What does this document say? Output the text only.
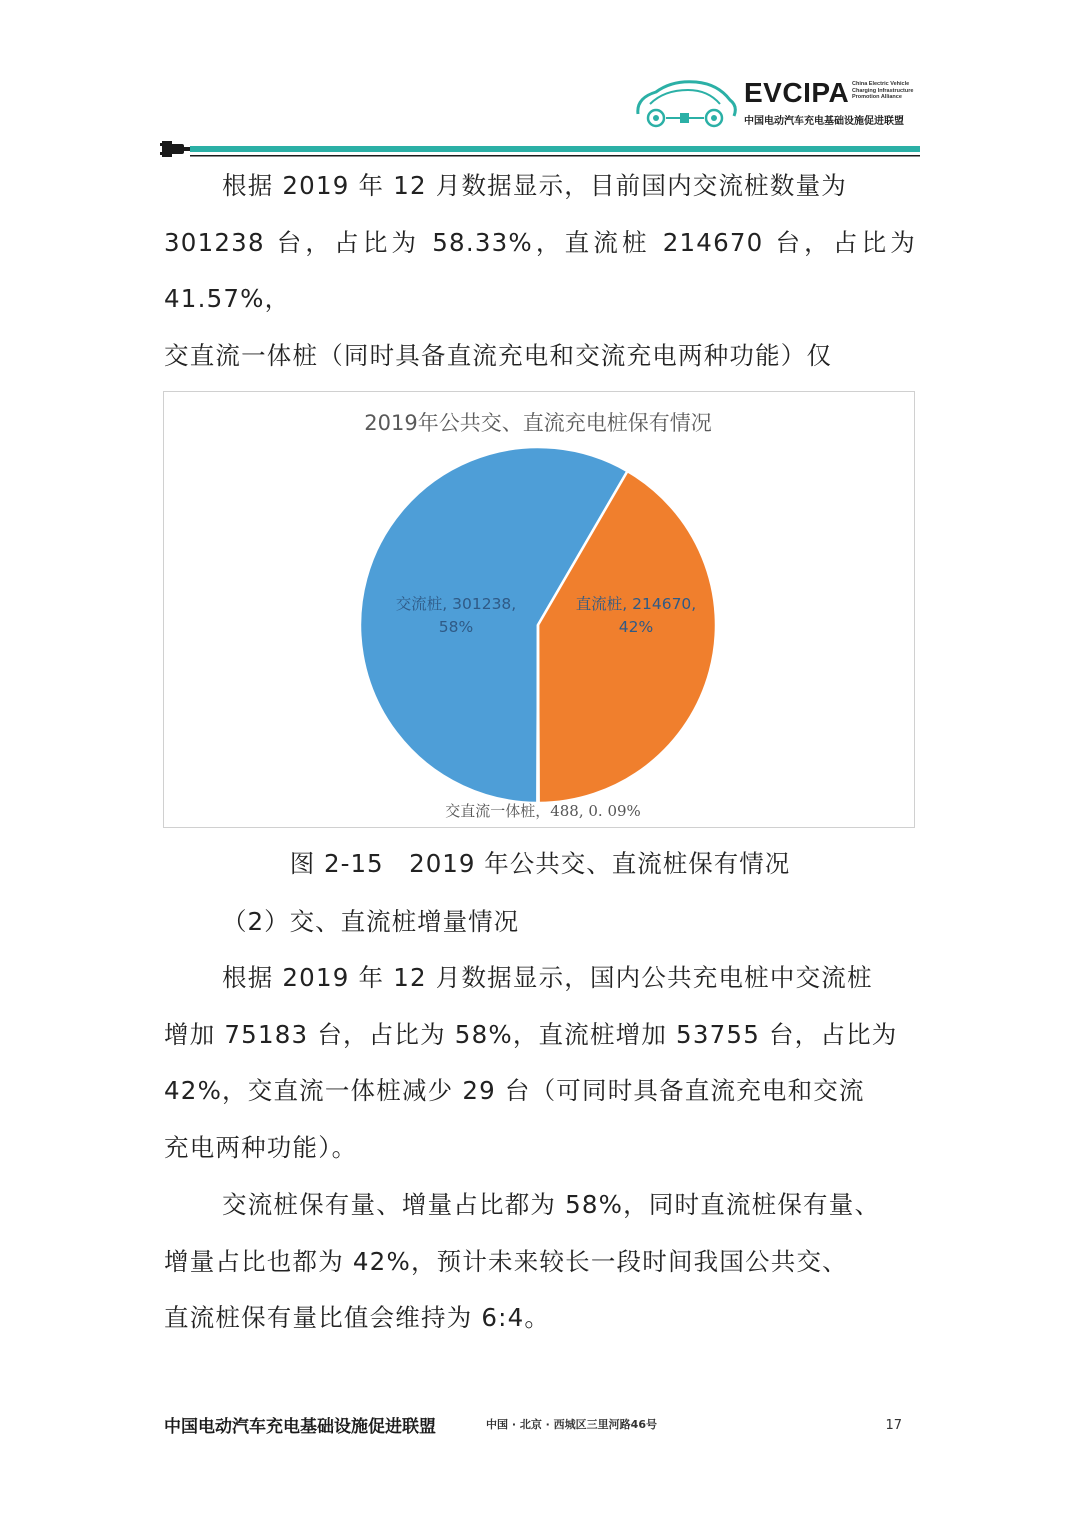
EVCIPA China Electric Vehicle
Charging Infrastructure
Promotion Alliance
中国电动汽车充电基础设施促进联盟
根据 2019 年 12 月数据显示，目前国内交流桩数量为
301238 台，占比为 58.33%，直流桩 214670 台，占比为 41.57%，
交直流一体桩（同时具备直流充电和交流充电两种功能）仅
2019年公共交、直流充电桩保有情况
交流桩, 301238, 58%
直流桩, 214670, 42%
交直流一体桩，488, 0. 09%
图 2-15　2019 年公共交、直流桩保有情况
（2）交、直流桩增量情况
根据 2019 年 12 月数据显示，国内公共充电桩中交流桩
增加 75183 台，占比为 58%，直流桩增加 53755 台，占比为
42%，交直流一体桩减少 29 台（可同时具备直流充电和交流
充电两种功能）。
交流桩保有量、增量占比都为 58%，同时直流桩保有量、
增量占比也都为 42%，预计未来较长一段时间我国公共交、
直流桩保有量比值会维持为 6:4。
中国电动汽车充电基础设施促进联盟	中国 · 北京 · 西城区三里河路46号	17
